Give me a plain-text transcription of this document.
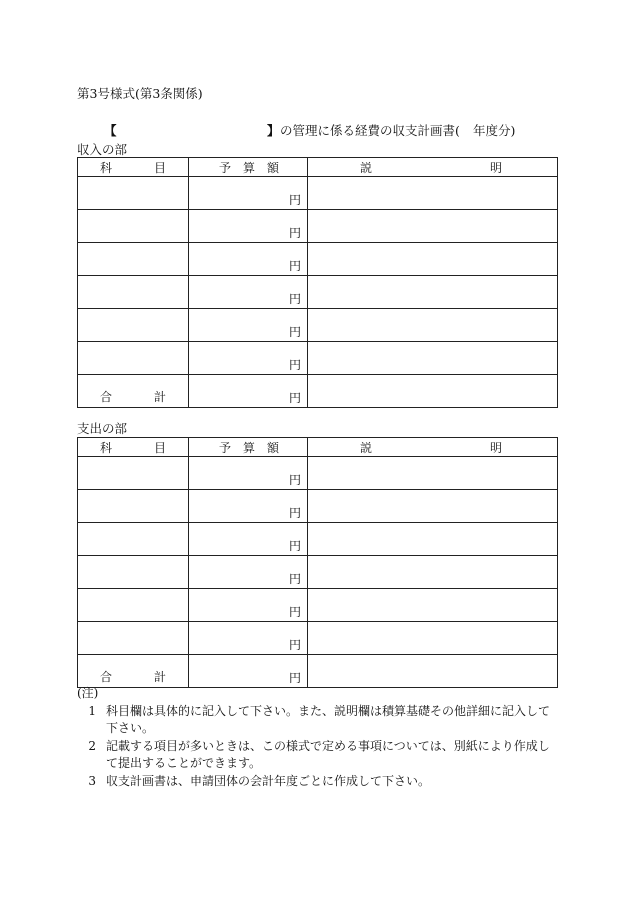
第3号様式(第3条関係)
【	】 の管理に係る経費の収支計画書( 年度分)
収入の部
科 目	予 算 額	説 明

	円	
	円	
	円	
	円	
	円	
	円	

合 計	円	
支出の部
科 目	予 算 額	説 明

	円	
	円	
	円	
	円	
	円	
	円	

合 計	円	
(注)
1 科目欄は具体的に記入して下さい。また、説明欄は積算基礎その他詳細に記入して下さい。
2 記載する項目が多いときは、この様式で定める事項については、別紙により作成して提出することができます。
3 収支計画書は、申請団体の会計年度ごとに作成して下さい。
